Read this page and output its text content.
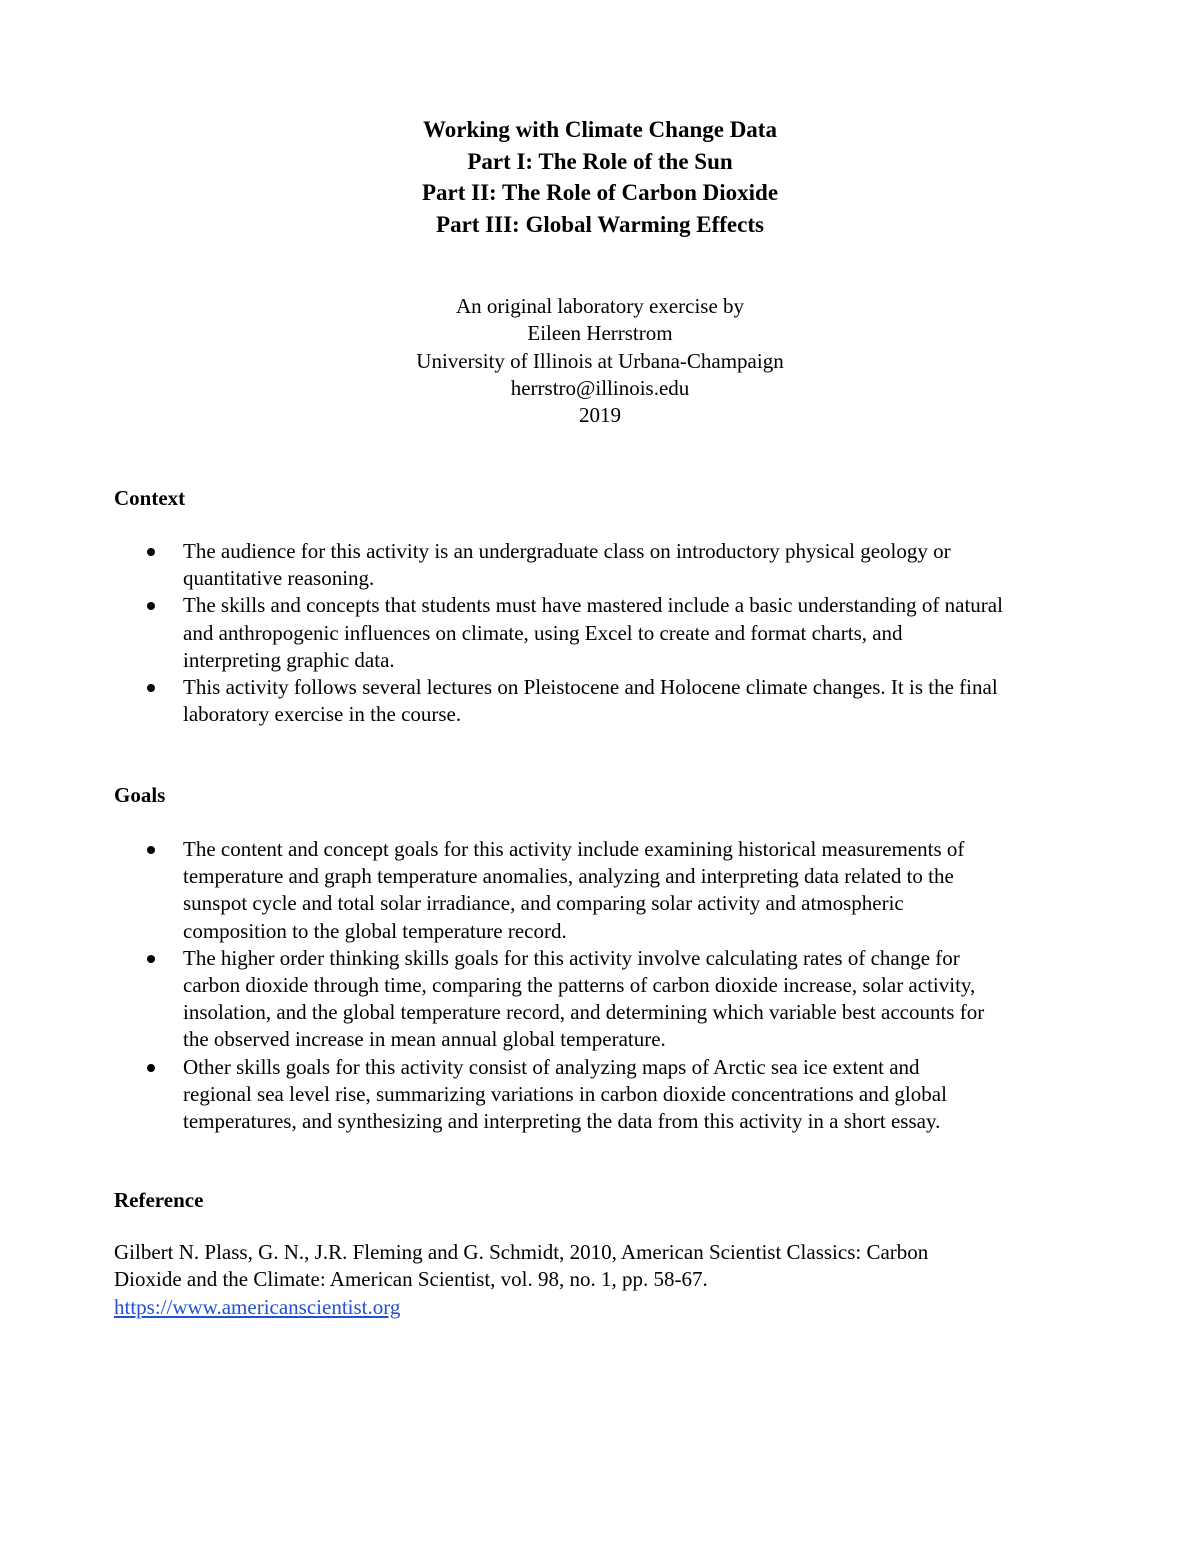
Working with Climate Change Data
Part I: The Role of the Sun
Part II: The Role of Carbon Dioxide
Part III: Global Warming Effects
An original laboratory exercise by
Eileen Herrstrom
University of Illinois at Urbana-Champaign
herrstro@illinois.edu
2019
Context
The audience for this activity is an undergraduate class on introductory physical geology or
quantitative reasoning.
The skills and concepts that students must have mastered include a basic understanding of natural
and anthropogenic influences on climate, using Excel to create and format charts, and
interpreting graphic data.
This activity follows several lectures on Pleistocene and Holocene climate changes. It is the final
laboratory exercise in the course.
Goals
The content and concept goals for this activity include examining historical measurements of
temperature and graph temperature anomalies, analyzing and interpreting data related to the
sunspot cycle and total solar irradiance, and comparing solar activity and atmospheric
composition to the global temperature record.
The higher order thinking skills goals for this activity involve calculating rates of change for
carbon dioxide through time, comparing the patterns of carbon dioxide increase, solar activity,
insolation, and the global temperature record, and determining which variable best accounts for
the observed increase in mean annual global temperature.
Other skills goals for this activity consist of analyzing maps of Arctic sea ice extent and
regional sea level rise, summarizing variations in carbon dioxide concentrations and global
temperatures, and synthesizing and interpreting the data from this activity in a short essay.
Reference
Gilbert N. Plass, G. N., J.R. Fleming and G. Schmidt, 2010, American Scientist Classics: Carbon
Dioxide and the Climate: American Scientist, vol. 98, no. 1, pp. 58-67.
https://www.americanscientist.org
